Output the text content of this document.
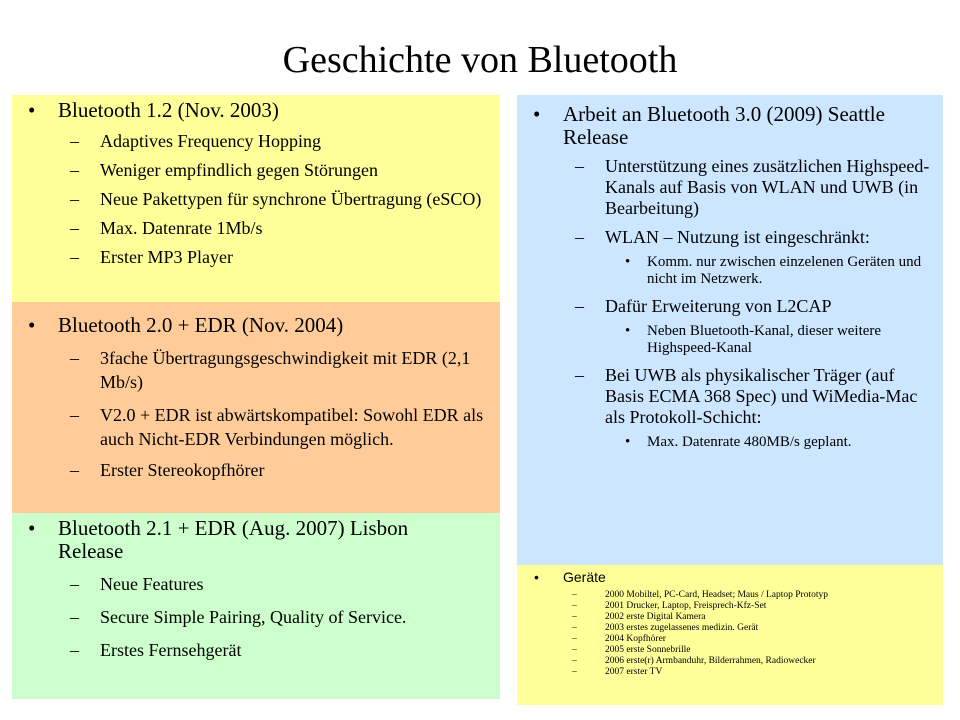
Geschichte von Bluetooth
• Bluetooth 1.2 (Nov. 2003)
– Adaptives Frequency Hopping
– Weniger empfindlich gegen Störungen
– Neue Pakettypen für synchrone Übertragung (eSCO)
– Max. Datenrate 1Mb/s
– Erster MP3 Player
• Bluetooth 2.0 + EDR (Nov. 2004)
– 3fache Übertragungsgeschwindigkeit mit EDR (2,1 Mb/s)
– V2.0 + EDR ist abwärtskompatibel: Sowohl EDR als auch Nicht-EDR Verbindungen möglich.
– Erster Stereokopfhörer
• Bluetooth 2.1 + EDR (Aug. 2007) Lisbon Release
– Neue Features
– Secure Simple Pairing, Quality of Service.
– Erstes Fernsehgerät
• Arbeit an Bluetooth 3.0 (2009) Seattle Release
– Unterstützung eines zusätzlichen Highspeed-Kanals auf Basis von WLAN und UWB (in Bearbeitung)
– WLAN – Nutzung ist eingeschränkt:
• Komm. nur zwischen einzelenen Geräten und nicht im Netzwerk.
– Dafür Erweiterung von L2CAP
• Neben Bluetooth-Kanal, dieser weitere Highspeed-Kanal
– Bei UWB als physikalischer Träger (auf Basis ECMA 368 Spec) und WiMedia-Mac als Protokoll-Schicht:
• Max. Datenrate 480MB/s geplant.
• Geräte
– 2000 Mobiltel, PC-Card, Headset; Maus / Laptop Prototyp
– 2001 Drucker, Laptop, Freisprech-Kfz-Set
– 2002 erste Digital Kamera
– 2003 erstes zugelassenes medizin. Gerät
– 2004 Kopfhörer
– 2005 erste Sonnebrille
– 2006 erste(r) Armbanduhr, Bilderrahmen, Radiowecker
– 2007 erster TV
